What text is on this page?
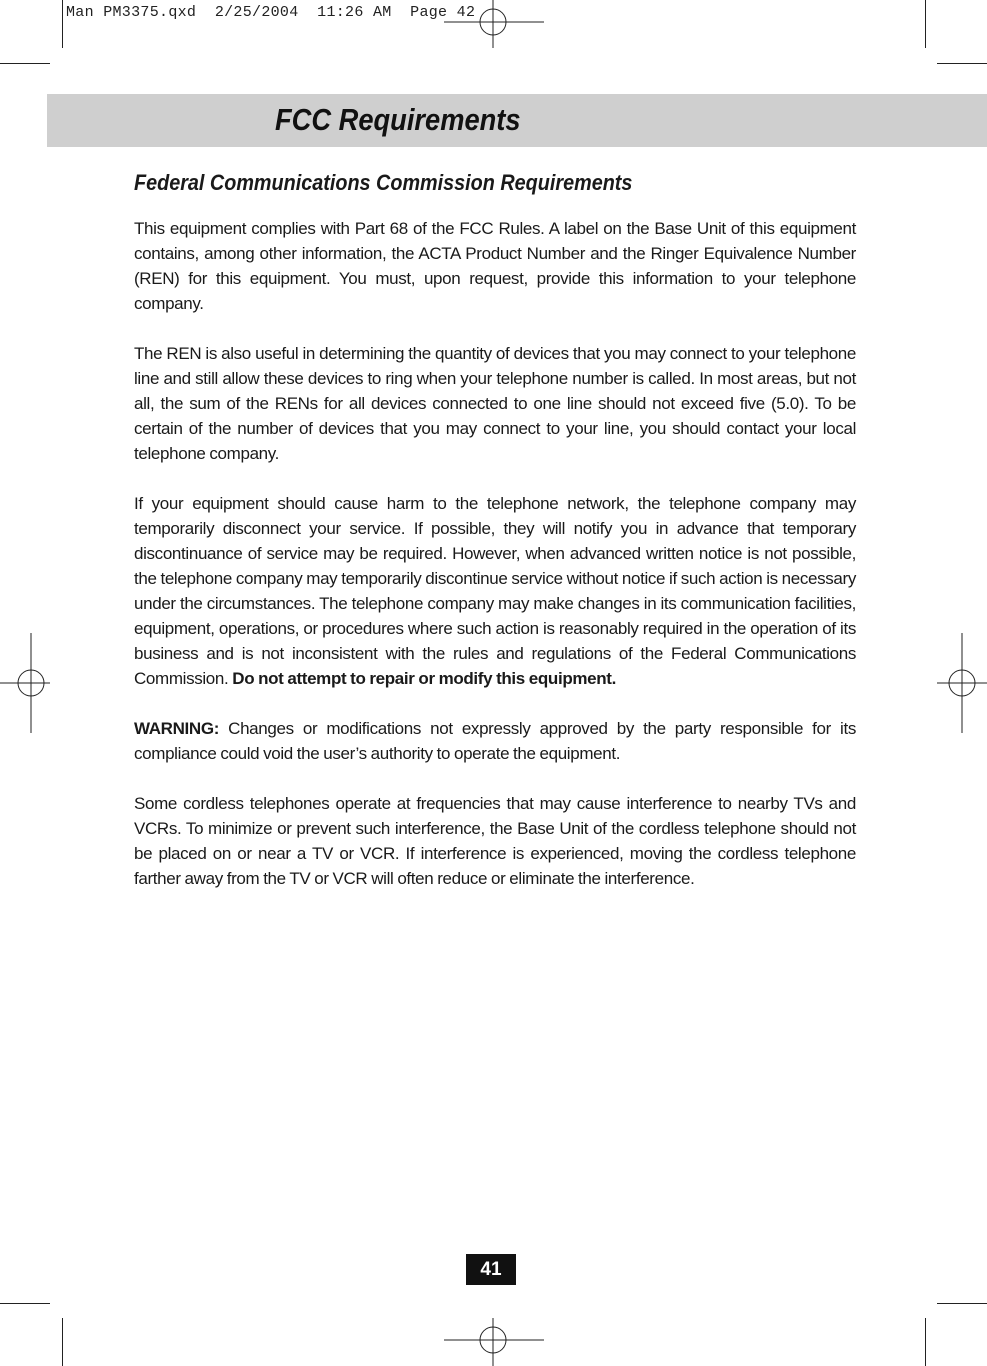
Man PM3375.qxd  2/25/2004  11:26 AM  Page 42
FCC Requirements
Federal Communications Commission Requirements

This equipment complies with Part 68 of the FCC Rules. A label on the Base Unit of this equipment contains, among other information, the ACTA Product Number and the Ringer Equivalence Number (REN) for this equipment. You must, upon request, provide this information to your telephone company.

The REN is also useful in determining the quantity of devices that you may connect to your telephone line and still allow these devices to ring when your telephone number is called. In most areas, but not all, the sum of the RENs for all devices connected to one line should not exceed five (5.0). To be certain of the number of devices that you may connect to your line, you should contact your local telephone company.

If your equipment should cause harm to the telephone network, the telephone company may temporarily disconnect your service. If possible, they will notify you in advance that temporary discontinuance of service may be required. However, when advanced written notice is not possible, the telephone company may temporarily discontinue service without notice if such action is necessary under the circumstances. The telephone company may make changes in its communication facilities, equipment, operations, or procedures where such action is reasonably required in the operation of its business and is not inconsistent with the rules and regulations of the Federal Communications Commission. Do not attempt to repair or modify this equipment.

WARNING: Changes or modifications not expressly approved by the party responsible for its compliance could void the user’s authority to operate the equipment.

Some cordless telephones operate at frequencies that may cause interference to nearby TVs and VCRs. To minimize or prevent such interference, the Base Unit of the cordless telephone should not be placed on or near a TV or VCR. If interference is experienced, moving the cordless telephone farther away from the TV or VCR will often reduce or eliminate the interference.

41
